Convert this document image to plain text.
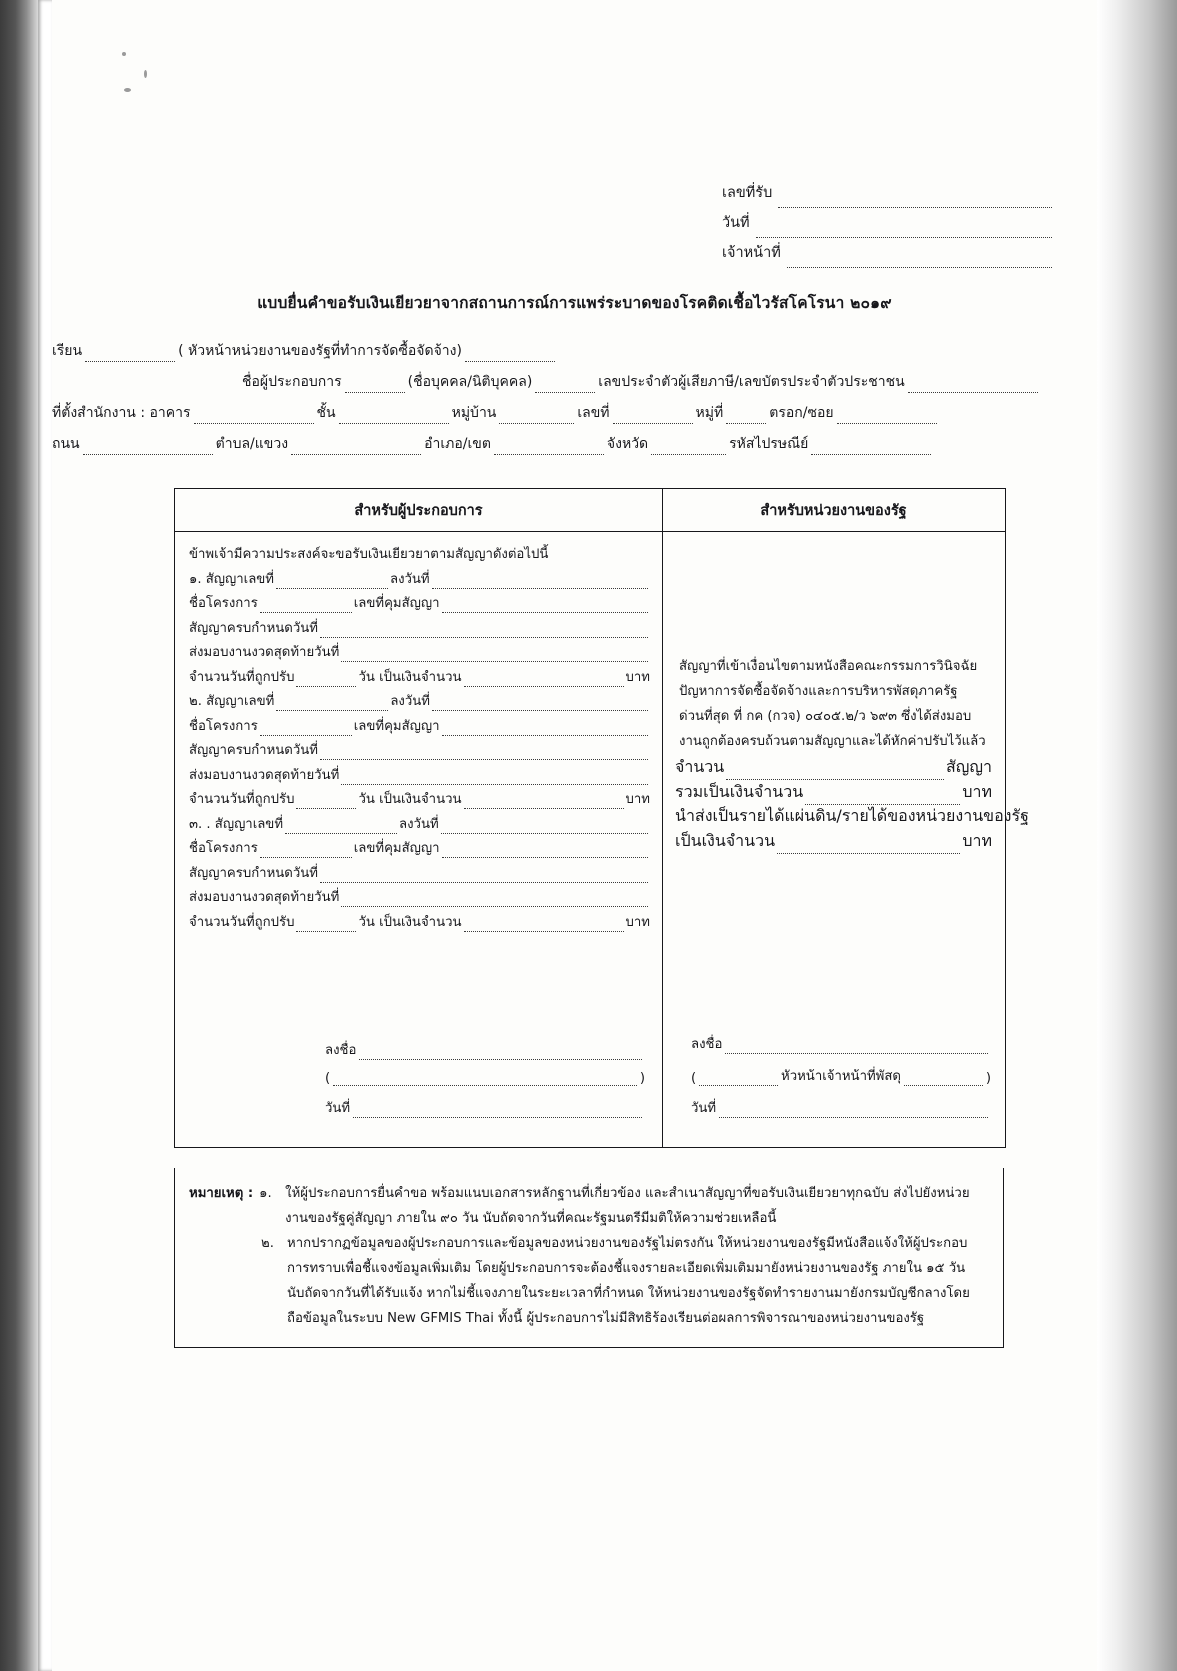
เลขที่รับ
วันที่
เจ้าหน้าที่
แบบยื่นคำขอรับเงินเยียวยาจากสถานการณ์การแพร่ระบาดของโรคติดเชื้อไวรัสโคโรนา ๒๐๑๙
เรียน	( หัวหน้าหน่วยงานของรัฐที่ทำการจัดซื้อจัดจ้าง)
ชื่อผู้ประกอบการ	(ชื่อบุคคล/นิติบุคคล)	เลขประจำตัวผู้เสียภาษี/เลขบัตรประจำตัวประชาชน
ที่ตั้งสำนักงาน : อาคาร	ชั้น	หมู่บ้าน	เลขที่	หมู่ที่	ตรอก/ซอย
ถนน	ตำบล/แขวง	อำเภอ/เขต	จังหวัด	รหัสไปรษณีย์
สำหรับผู้ประกอบการ	สำหรับหน่วยงานของรัฐ
ข้าพเจ้ามีความประสงค์จะขอรับเงินเยียวยาตามสัญญาดังต่อไปนี้
๑. สัญญาเลขที่	ลงวันที่
ชื่อโครงการ	เลขที่คุมสัญญา
สัญญาครบกำหนดวันที่
ส่งมอบงานงวดสุดท้ายวันที่
จำนวนวันที่ถูกปรับ	วัน เป็นเงินจำนวน	บาท
๒. สัญญาเลขที่	ลงวันที่
ชื่อโครงการ	เลขที่คุมสัญญา
สัญญาครบกำหนดวันที่
ส่งมอบงานงวดสุดท้ายวันที่
จำนวนวันที่ถูกปรับ	วัน เป็นเงินจำนวน	บาท
๓. . สัญญาเลขที่	ลงวันที่
ชื่อโครงการ	เลขที่คุมสัญญา
สัญญาครบกำหนดวันที่
ส่งมอบงานงวดสุดท้ายวันที่
จำนวนวันที่ถูกปรับ	วัน เป็นเงินจำนวน	บาท
ลงชื่อ
(	)
วันที่
สัญญาที่เข้าเงื่อนไขตามหนังสือคณะกรรมการวินิจฉัยปัญหาการจัดซื้อจัดจ้างและการบริหารพัสดุภาครัฐ ด่วนที่สุด ที่ กค (กวจ) ๐๔๐๕.๒/ว ๖๙๓ ซึ่งได้ส่งมอบงานถูกต้องครบถ้วนตามสัญญาและได้หักค่าปรับไว้แล้ว
จำนวน	สัญญา
รวมเป็นเงินจำนวน	บาท
นำส่งเป็นรายได้แผ่นดิน/รายได้ของหน่วยงานของรัฐ
เป็นเงินจำนวน	บาท
ลงชื่อ
(	หัวหน้าเจ้าหน้าที่พัสดุ	)
วันที่
หมายเหตุ : ๑.	ให้ผู้ประกอบการยื่นคำขอ พร้อมแนบเอกสารหลักฐานที่เกี่ยวข้อง และสำเนาสัญญาที่ขอรับเงินเยียวยาทุกฉบับ ส่งไปยังหน่วยงานของรัฐคู่สัญญา ภายใน ๙๐ วัน นับถัดจากวันที่คณะรัฐมนตรีมีมติให้ความช่วยเหลือนี้
๒. หากปรากฏข้อมูลของผู้ประกอบการและข้อมูลของหน่วยงานของรัฐไม่ตรงกัน ให้หน่วยงานของรัฐมีหนังสือแจ้งให้ผู้ประกอบการทราบเพื่อชี้แจงข้อมูลเพิ่มเติม โดยผู้ประกอบการจะต้องชี้แจงรายละเอียดเพิ่มเติมมายังหน่วยงานของรัฐ ภายใน ๑๕ วัน นับถัดจากวันที่ได้รับแจ้ง หากไม่ชี้แจงภายในระยะเวลาที่กำหนด ให้หน่วยงานของรัฐจัดทำรายงานมายังกรมบัญชีกลางโดยถือข้อมูลในระบบ New GFMIS Thai ทั้งนี้ ผู้ประกอบการไม่มีสิทธิร้องเรียนต่อผลการพิจารณาของหน่วยงานของรัฐ
